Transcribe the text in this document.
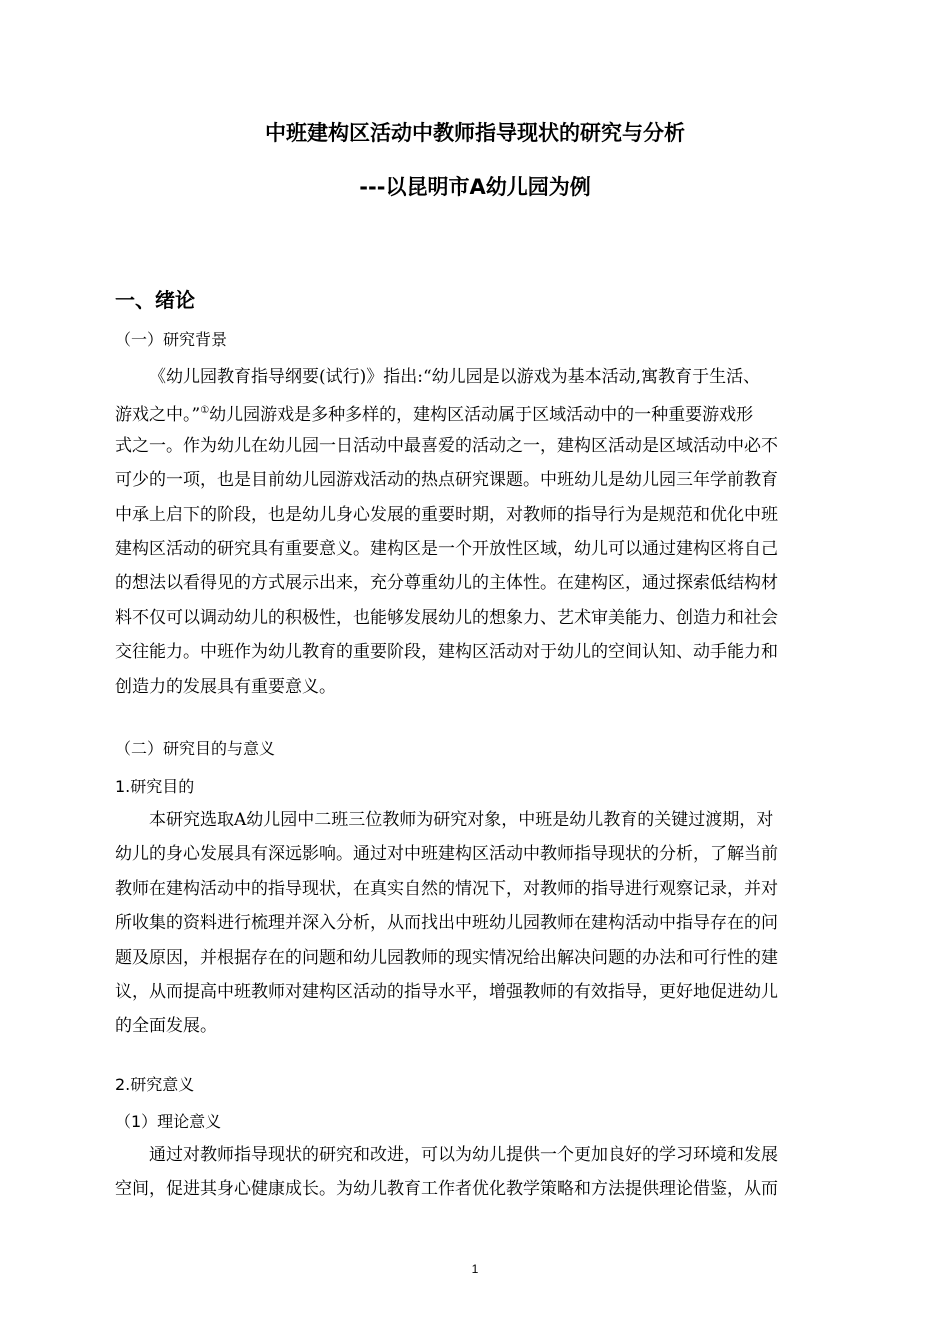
中班建构区活动中教师指导现状的研究与分析
---以昆明市A幼儿园为例
一、绪论
（一）研究背景
《幼儿园教育指导纲要(试行)》指出:“幼儿园是以游戏为基本活动,寓教育于生活、
游戏之中。”①幼儿园游戏是多种多样的，建构区活动属于区域活动中的一种重要游戏形
式之一。作为幼儿在幼儿园一日活动中最喜爱的活动之一，建构区活动是区域活动中必不
可少的一项，也是目前幼儿园游戏活动的热点研究课题。中班幼儿是幼儿园三年学前教育
中承上启下的阶段，也是幼儿身心发展的重要时期，对教师的指导行为是规范和优化中班
建构区活动的研究具有重要意义。建构区是一个开放性区域，幼儿可以通过建构区将自己
的想法以看得见的方式展示出来，充分尊重幼儿的主体性。在建构区，通过探索低结构材
料不仅可以调动幼儿的积极性，也能够发展幼儿的想象力、艺术审美能力、创造力和社会
交往能力。中班作为幼儿教育的重要阶段，建构区活动对于幼儿的空间认知、动手能力和
创造力的发展具有重要意义。
（二）研究目的与意义
1.研究目的
本研究选取A幼儿园中二班三位教师为研究对象，中班是幼儿教育的关键过渡期，对
幼儿的身心发展具有深远影响。通过对中班建构区活动中教师指导现状的分析，了解当前
教师在建构活动中的指导现状，在真实自然的情况下，对教师的指导进行观察记录，并对
所收集的资料进行梳理并深入分析，从而找出中班幼儿园教师在建构活动中指导存在的问
题及原因，并根据存在的问题和幼儿园教师的现实情况给出解决问题的办法和可行性的建
议，从而提高中班教师对建构区活动的指导水平，增强教师的有效指导，更好地促进幼儿
的全面发展。
2.研究意义
（1）理论意义
通过对教师指导现状的研究和改进，可以为幼儿提供一个更加良好的学习环境和发展
空间，促进其身心健康成长。为幼儿教育工作者优化教学策略和方法提供理论借鉴，从而
1
